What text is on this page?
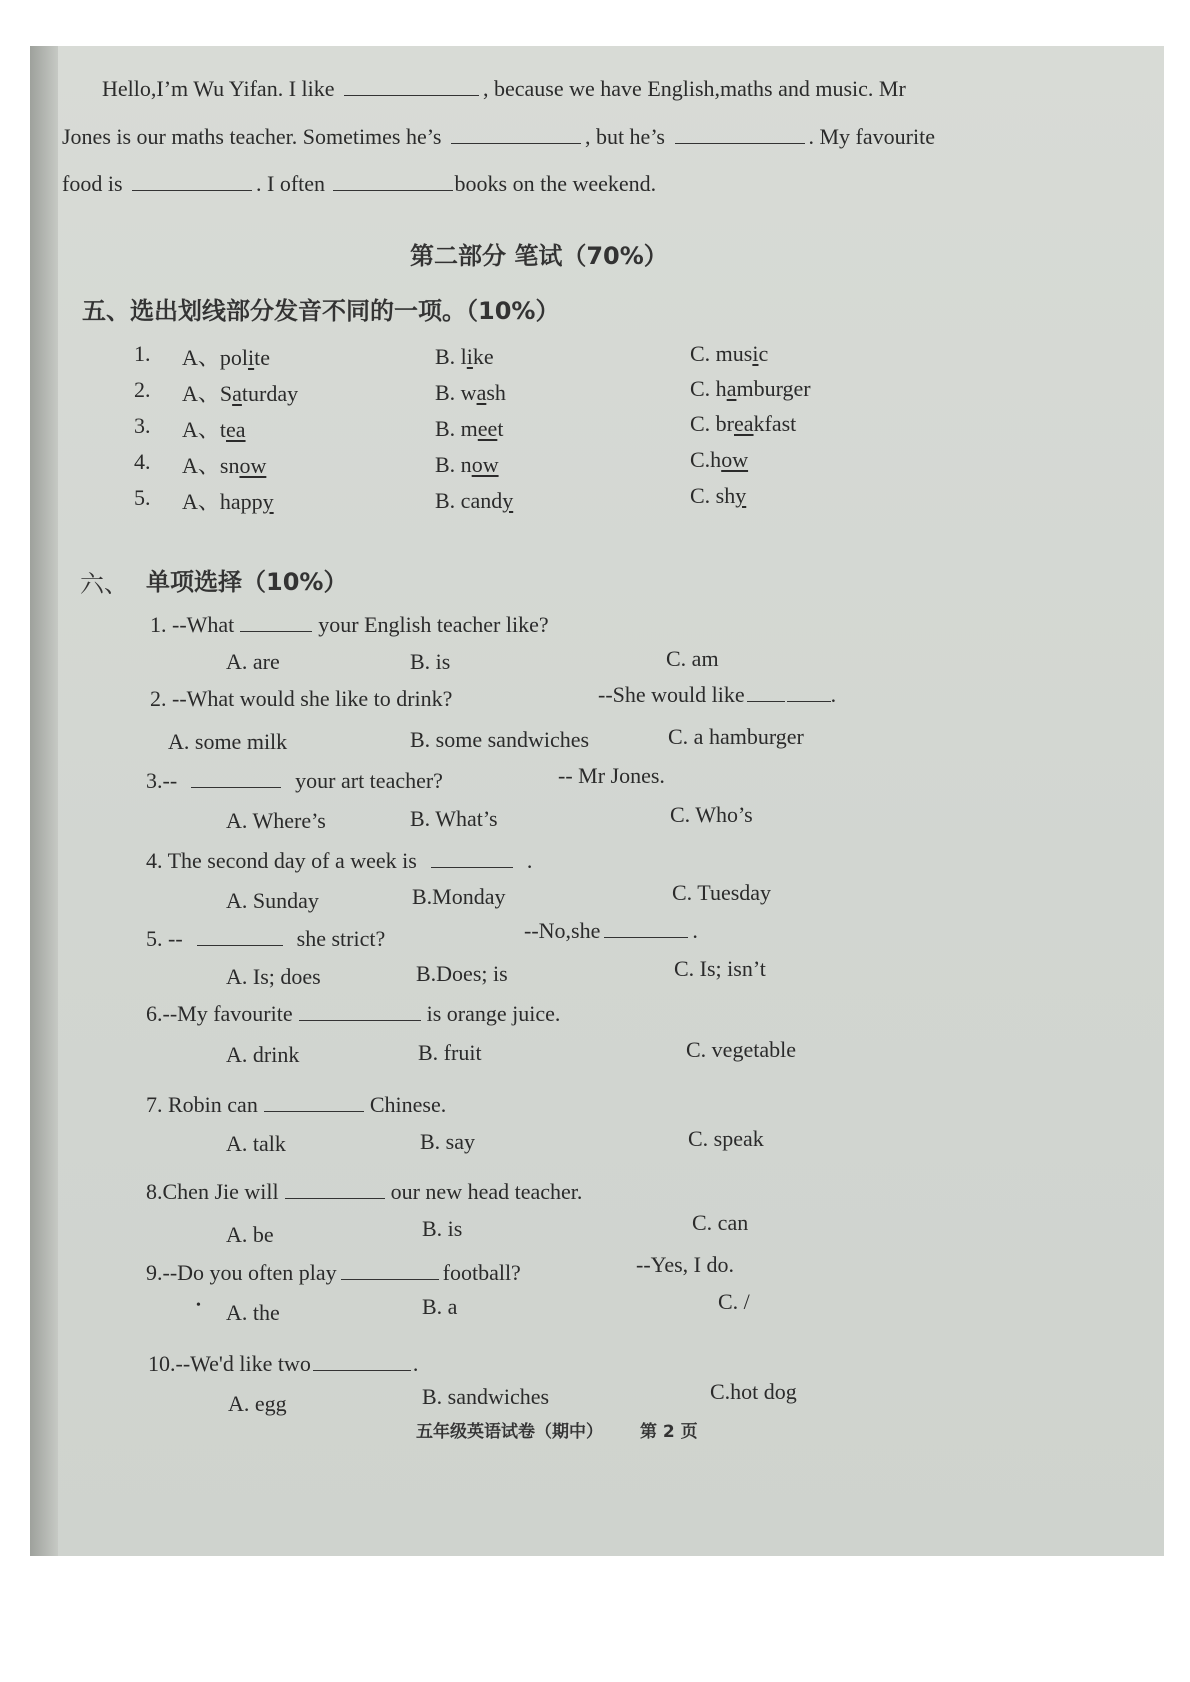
Hello,I’m Wu Yifan. I like	, because we have English,maths and music. Mr
Jones is our maths teacher. Sometimes he’s	, but he’s	. My favourite
food is	. I often	books on the weekend.
第二部分 笔试（70%）
五、选出划线部分发音不同的一项。（10%）
1. A、polite	B. like	C. music
2. A、Saturday	B. wash	C. hamburger
3. A、tea	B. meet	C. breakfast
4. A、snow	B. now	C.how
5. A、happy	B. candy	C. shy
六、 单项选择（10%）
1. --What	your English teacher like?
A. are	B. is	C. am
2. --What would she like to drink?	--She would like	.
A. some milk	B. some sandwiches	C. a hamburger
3.--	your art teacher?	-- Mr Jones.
A. Where’s	B. What’s	C. Who’s
4. The second day of a week is	.
A. Sunday	B.Monday	C. Tuesday
5. --	she strict?	--No,she	.
A. Is; does	B.Does; is	C. Is; isn’t
6.--My favourite	is orange juice.
A. drink	B. fruit	C. vegetable
7. Robin can	Chinese.
A. talk	B. say	C. speak
8.Chen Jie will	our new head teacher.
A. be	B. is	C. can
9.--Do you often play	football?	--Yes, I do.
• A. the	B. a	C. /
10.--We'd like two	.
A. egg	B. sandwiches	C.hot dog
五年级英语试卷（期中） 第 2 页
